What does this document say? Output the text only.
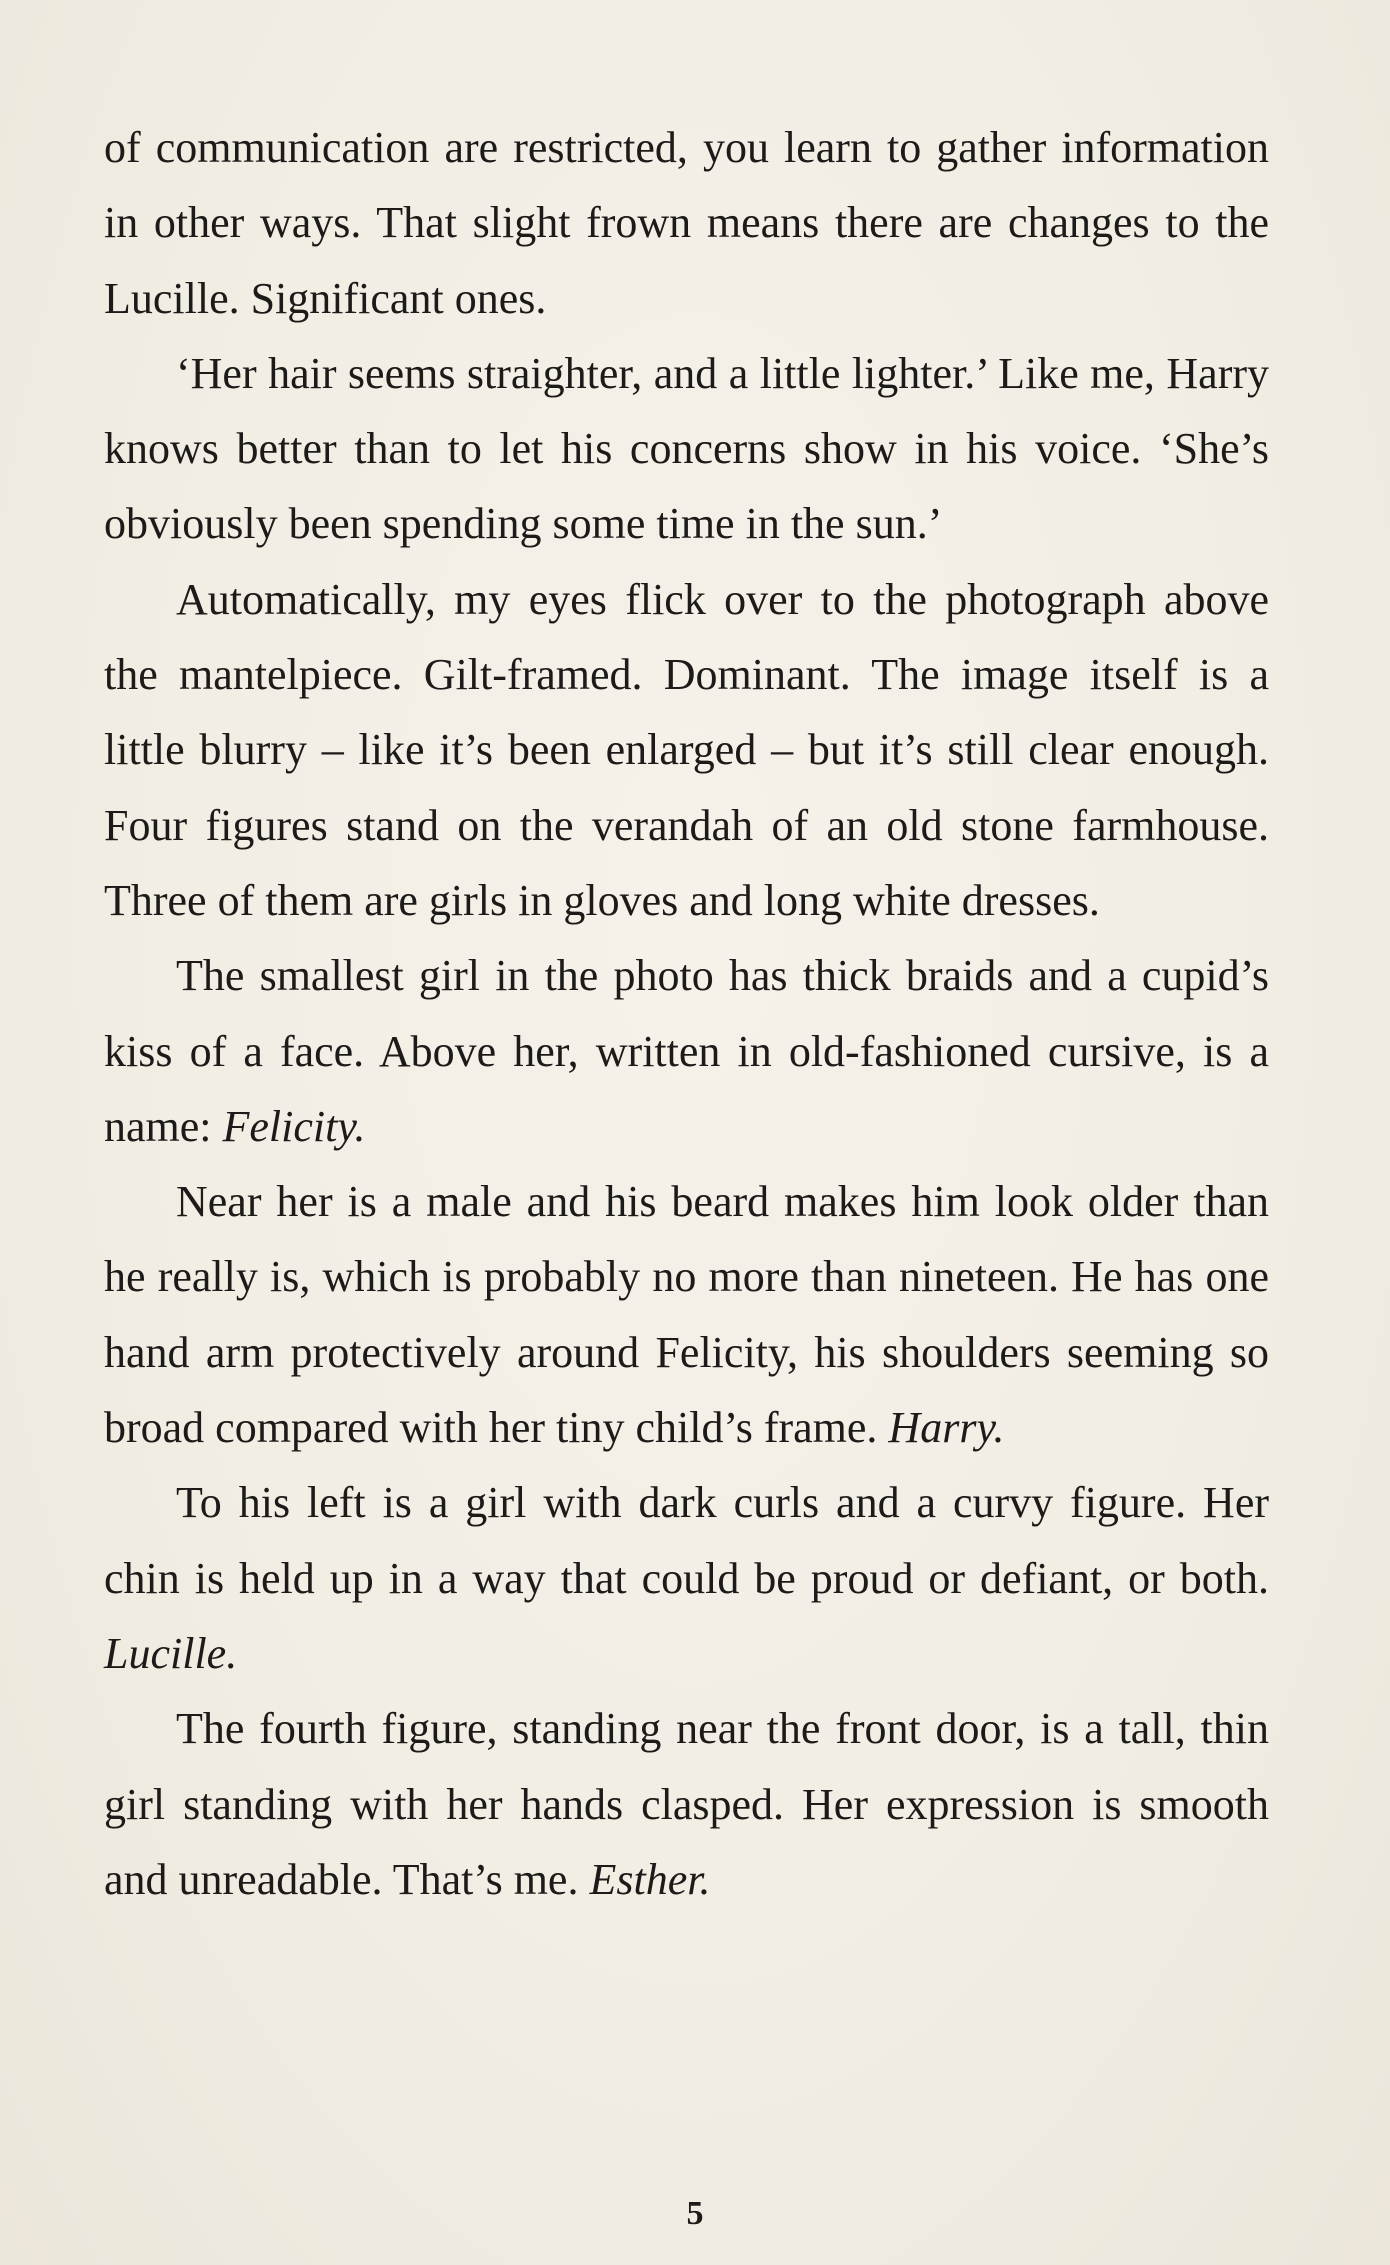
of communication are restricted, you learn to gather information in other ways. That slight frown means there are changes to the Lucille. Significant ones.

‘Her hair seems straighter, and a little lighter.’ Like me, Harry knows better than to let his concerns show in his voice. ‘She’s obviously been spending some time in the sun.’

Automatically, my eyes flick over to the photograph above the mantelpiece. Gilt-framed. Dominant. The image itself is a little blurry – like it’s been enlarged – but it’s still clear enough. Four figures stand on the verandah of an old stone farmhouse. Three of them are girls in gloves and long white dresses.

The smallest girl in the photo has thick braids and a cupid’s kiss of a face. Above her, written in old-fashioned cursive, is a name: Felicity.

Near her is a male and his beard makes him look older than he really is, which is probably no more than nineteen. He has one hand arm protectively around Felicity, his shoulders seeming so broad compared with her tiny child’s frame. Harry.

To his left is a girl with dark curls and a curvy figure. Her chin is held up in a way that could be proud or defiant, or both. Lucille.

The fourth figure, standing near the front door, is a tall, thin girl standing with her hands clasped. Her expression is smooth and unreadable. That’s me. Esther.

5
